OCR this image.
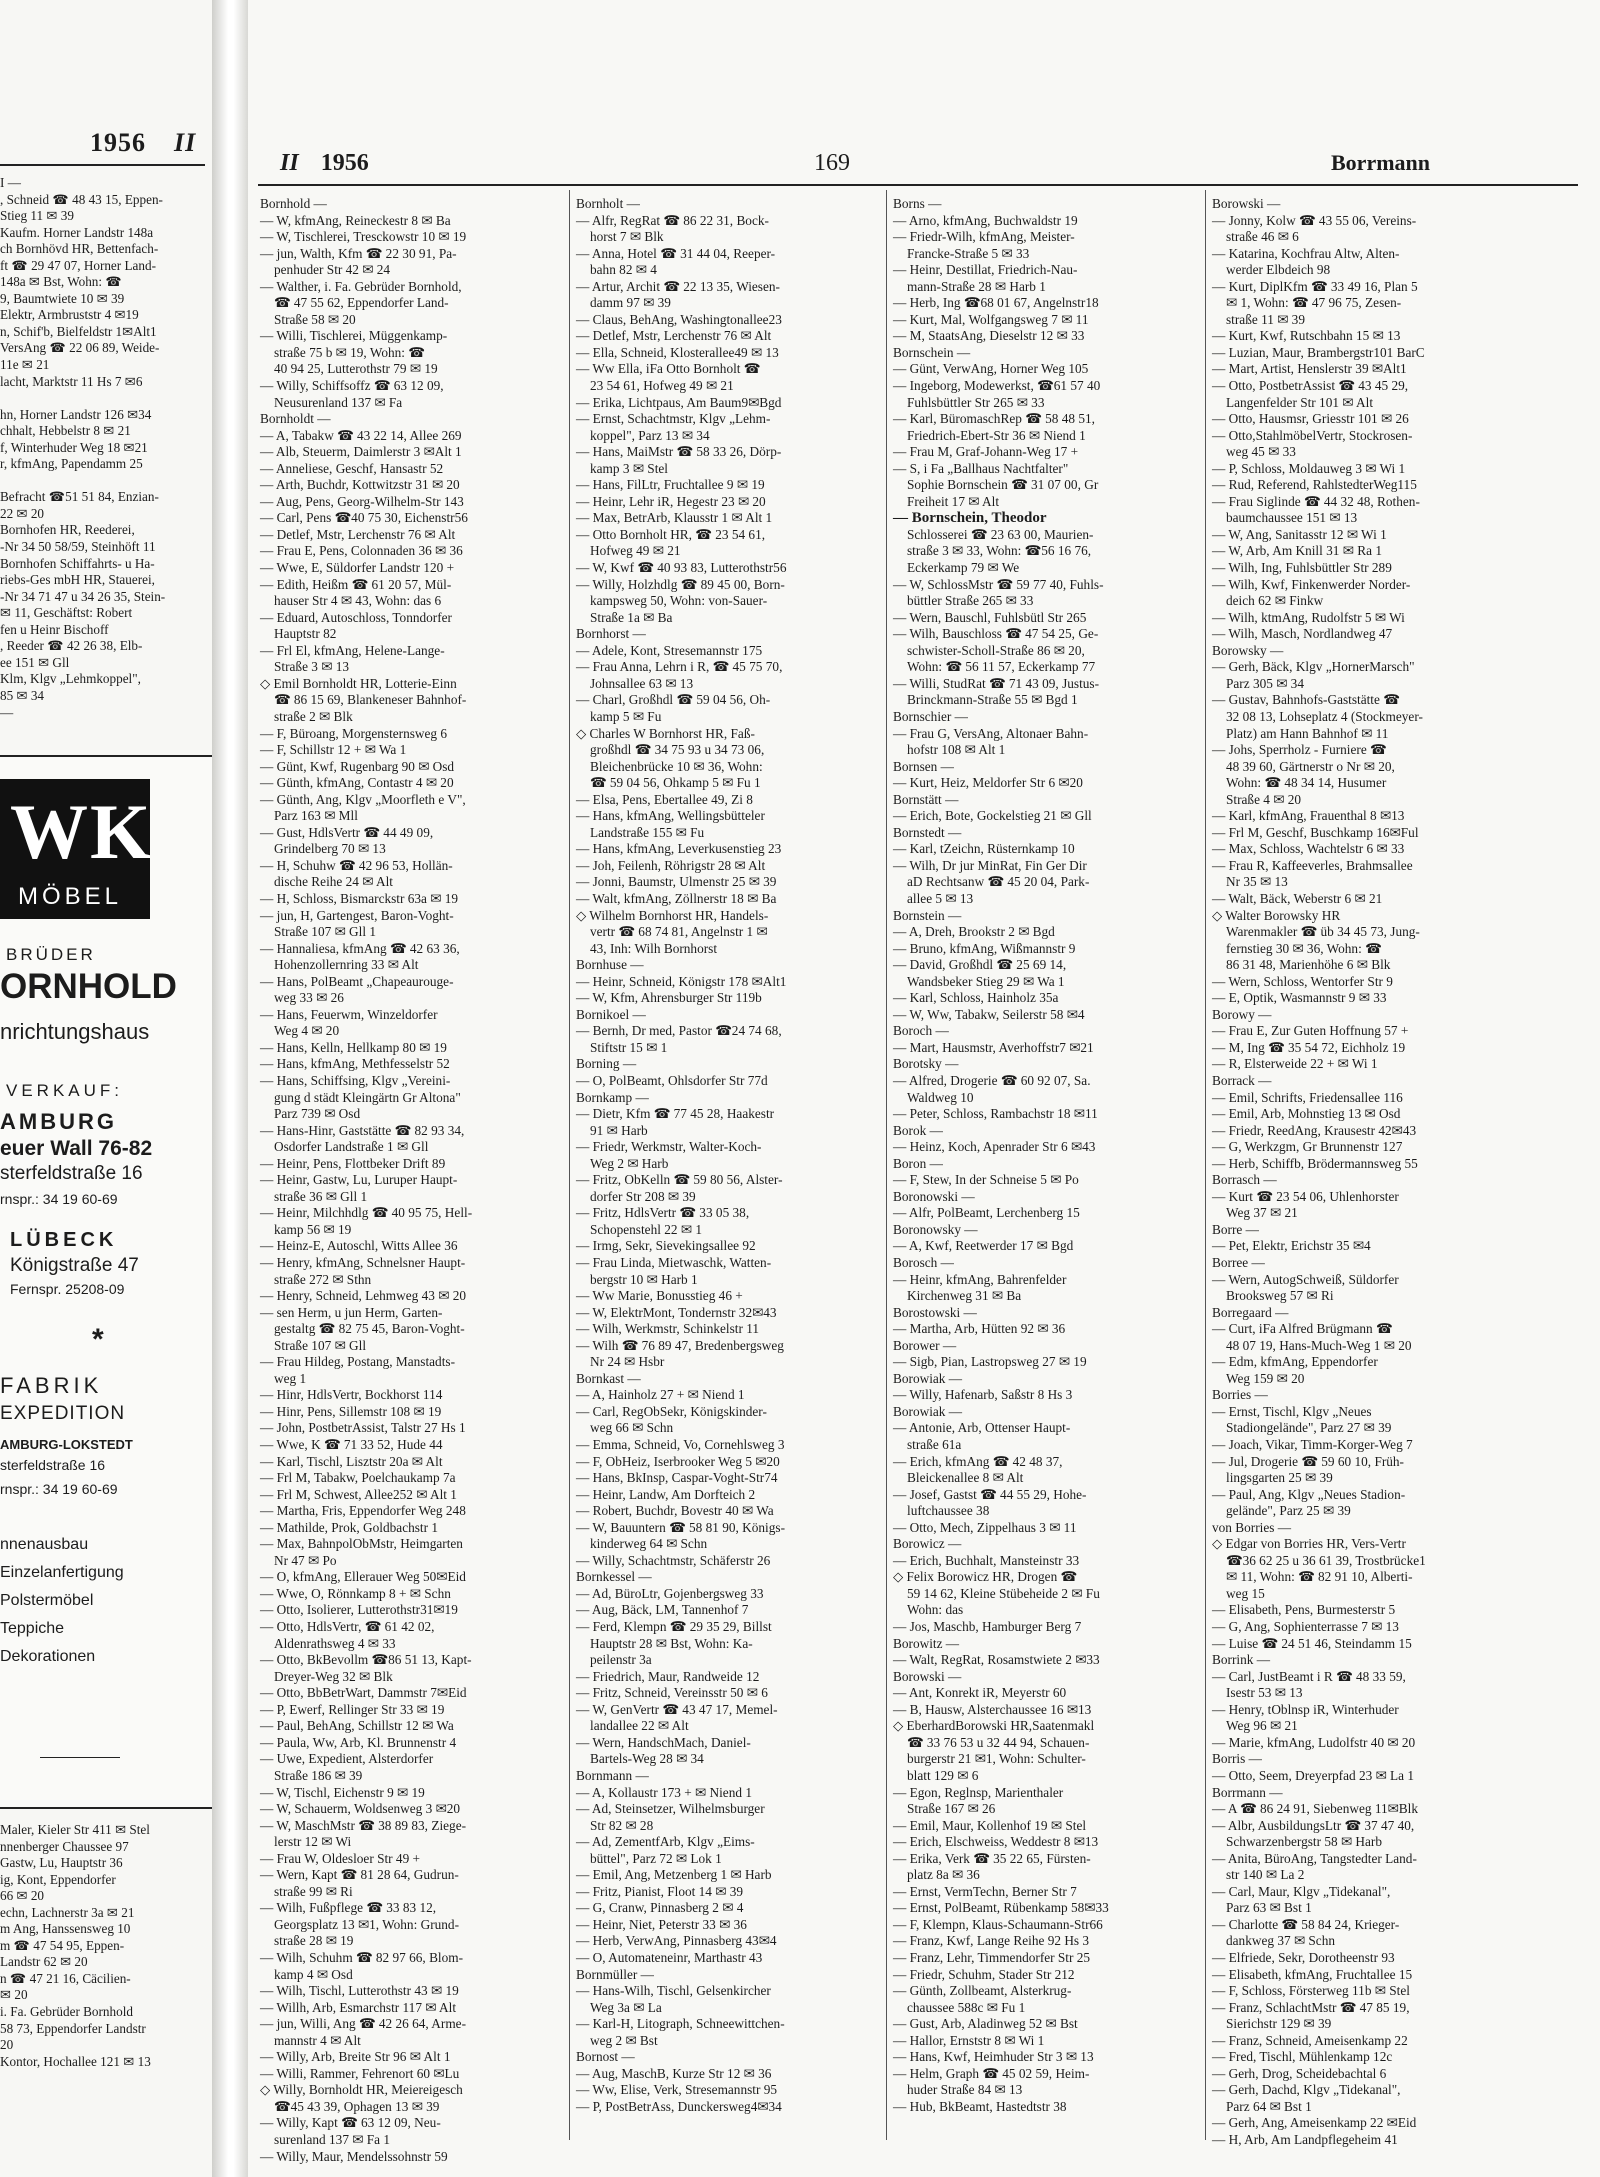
1956 II
I —
, Schneid ☎ 48 43 15, Eppen-
Stieg 11 ✉ 39
Kaufm. Horner Landstr 148a
ch Bornhövd HR, Bettenfach-
ft ☎ 29 47 07, Horner Land-
148a ✉ Bst, Wohn: ☎
9, Baumtwiete 10 ✉ 39
Elektr, Armbruststr 4 ✉19
n, Schif'b, Bielfeldstr 1✉Alt1
VersAng ☎ 22 06 89, Weide-
11e ✉ 21
lacht, Marktstr 11 Hs 7 ✉6
hn, Horner Landstr 126 ✉34
chhalt, Hebbelstr 8 ✉ 21
f, Winterhuder Weg 18 ✉21
r, kfmAng, Papendamm 25
Befracht ☎51 51 84, Enzian-
22 ✉ 20
Bornhofen HR, Reederei,
-Nr 34 50 58/59, Steinhöft 11
Bornhofen Schiffahrts- u Ha-
riebs-Ges mbH HR, Stauerei,
-Nr 34 71 47 u 34 26 35, Stein-
✉ 11, Geschäftst: Robert
fen u Heinr Bischoff
, Reeder ☎ 42 26 38, Elb-
ee 151 ✉ Gll
Klm, Klgv „Lehmkoppel",
85 ✉ 34
—
WK
MÖBEL
BRÜDER
ORNHOLD
nrichtungshaus
VERKAUF:
AMBURG
euer Wall 76-82
sterfeldstraße 16
rnspr.: 34 19 60-69
LÜBECK
Königstraße 47
Fernspr. 25208-09
*
FABRIK
EXPEDITION
AMBURG-LOKSTEDT
sterfeldstraße 16
rnspr.: 34 19 60-69
nnenausbau
Einzelanfertigung
Polstermöbel
Teppiche
Dekorationen
Maler, Kieler Str 411 ✉ Stel
nnenberger Chaussee 97
Gastw, Lu, Hauptstr 36
ig, Kont, Eppendorfer
66 ✉ 20
echn, Lachnerstr 3a ✉ 21
m Ang, Hanssensweg 10
m ☎ 47 54 95, Eppen-
Landstr 62 ✉ 20
n ☎ 47 21 16, Cäcilien-
✉ 20
i. Fa. Gebrüder Bornhold
58 73, Eppendorfer Landstr
20
Kontor, Hochallee 121 ✉ 13
II 1956	169	Borrmann
Bornhold —
— W, kfmAng, Reineckestr 8 ✉ Ba
— W, Tischlerei, Tresckowstr 10 ✉ 19
— jun, Walth, Kfm ☎ 22 30 91, Pa-
penhuder Str 42 ✉ 24
— Walther, i. Fa. Gebrüder Bornhold,
☎ 47 55 62, Eppendorfer Land-
Straße 58 ✉ 20
— Willi, Tischlerei, Müggenkamp-
straße 75 b ✉ 19, Wohn: ☎
40 94 25, Lutterothstr 79 ✉ 19
— Willy, Schiffsoffz ☎ 63 12 09,
Neusurenland 137 ✉ Fa
Bornholdt —
— A, Tabakw ☎ 43 22 14, Allee 269
— Alb, Steuerm, Daimlerstr 3 ✉Alt 1
— Anneliese, Geschf, Hansastr 52
— Arth, Buchdr, Kottwitzstr 31 ✉ 20
— Aug, Pens, Georg-Wilhelm-Str 143
— Carl, Pens ☎40 75 30, Eichenstr56
— Detlef, Mstr, Lerchenstr 76 ✉ Alt
— Frau E, Pens, Colonnaden 36 ✉ 36
— Wwe, E, Süldorfer Landstr 120 +
— Edith, Heißm ☎ 61 20 57, Mül-
hauser Str 4 ✉ 43, Wohn: das 6
— Eduard, Autoschloss, Tonndorfer
Hauptstr 82
— Frl El, kfmAng, Helene-Lange-
Straße 3 ✉ 13
◇ Emil Bornholdt HR, Lotterie-Einn
☎ 86 15 69, Blankeneser Bahnhof-
straße 2 ✉ Blk
— F, Büroang, Morgensternsweg 6
— F, Schillstr 12 + ✉ Wa 1
— Günt, Kwf, Rugenbarg 90 ✉ Osd
— Günth, kfmAng, Contastr 4 ✉ 20
— Günth, Ang, Klgv „Moorfleth e V",
Parz 163 ✉ Mll
— Gust, HdlsVertr ☎ 44 49 09,
Grindelberg 70 ✉ 13
— H, Schuhw ☎ 42 96 53, Hollän-
dische Reihe 24 ✉ Alt
— H, Schloss, Bismarckstr 63a ✉ 19
— jun, H, Gartengest, Baron-Voght-
Straße 107 ✉ Gll 1
— Hannaliesa, kfmAng ☎ 42 63 36,
Hohenzollernring 33 ✉ Alt
— Hans, PolBeamt „Chapeaurouge-
weg 33 ✉ 26
— Hans, Feuerwm, Winzeldorfer
Weg 4 ✉ 20
— Hans, Kelln, Hellkamp 80 ✉ 19
— Hans, kfmAng, Methfesselstr 52
— Hans, Schiffsing, Klgv „Vereini-
gung d städt Kleingärtn Gr Altona"
Parz 739 ✉ Osd
— Hans-Hinr, Gaststätte ☎ 82 93 34,
Osdorfer Landstraße 1 ✉ Gll
— Heinr, Pens, Flottbeker Drift 89
— Heinr, Gastw, Lu, Luruper Haupt-
straße 36 ✉ Gll 1
— Heinr, Milchhdlg ☎ 40 95 75, Hell-
kamp 56 ✉ 19
— Heinz-E, Autoschl, Witts Allee 36
— Henry, kfmAng, Schnelsner Haupt-
straße 272 ✉ Sthn
— Henry, Schneid, Lehmweg 43 ✉ 20
— sen Herm, u jun Herm, Garten-
gestaltg ☎ 82 75 45, Baron-Voght-
Straße 107 ✉ Gll
— Frau Hildeg, Postang, Manstadts-
weg 1
— Hinr, HdlsVertr, Bockhorst 114
— Hinr, Pens, Sillemstr 108 ✉ 19
— John, PostbetrAssist, Talstr 27 Hs 1
— Wwe, K ☎ 71 33 52, Hude 44
— Karl, Tischl, Lisztstr 20a ✉ Alt
— Frl M, Tabakw, Poelchaukamp 7a
— Frl M, Schwest, Allee252 ✉ Alt 1
— Martha, Fris, Eppendorfer Weg 248
— Mathilde, Prok, Goldbachstr 1
— Max, BahnpolObMstr, Heimgarten
Nr 47 ✉ Po
— O, kfmAng, Ellerauer Weg 50✉Eid
— Wwe, O, Rönnkamp 8 + ✉ Schn
— Otto, Isolierer, Lutterothstr31✉19
— Otto, HdlsVertr, ☎ 61 42 02,
Aldenrathsweg 4 ✉ 33
— Otto, BkBevollm ☎86 51 13, Kapt-
Dreyer-Weg 32 ✉ Blk
— Otto, BbBetrWart, Dammstr 7✉Eid
— P, Ewerf, Rellinger Str 33 ✉ 19
— Paul, BehAng, Schillstr 12 ✉ Wa
— Paula, Ww, Arb, Kl. Brunnenstr 4
— Uwe, Expedient, Alsterdorfer
Straße 186 ✉ 39
— W, Tischl, Eichenstr 9 ✉ 19
— W, Schauerm, Woldsenweg 3 ✉20
— W, MaschMstr ☎ 38 89 83, Ziege-
lerstr 12 ✉ Wi
— Frau W, Oldesloer Str 49 +
— Wern, Kapt ☎ 81 28 64, Gudrun-
straße 99 ✉ Ri
— Wilh, Fußpflege ☎ 33 83 12,
Georgsplatz 13 ✉1, Wohn: Grund-
straße 28 ✉ 19
— Wilh, Schuhm ☎ 82 97 66, Blom-
kamp 4 ✉ Osd
— Wilh, Tischl, Lutterothstr 43 ✉ 19
— Willh, Arb, Esmarchstr 117 ✉ Alt
— jun, Willi, Ang ☎ 42 26 64, Arme-
mannstr 4 ✉ Alt
— Willy, Arb, Breite Str 96 ✉ Alt 1
— Willi, Rammer, Fehrenort 60 ✉Lu
◇ Willy, Bornholdt HR, Meiereigesch
☎45 43 39, Ophagen 13 ✉ 39
— Willy, Kapt ☎ 63 12 09, Neu-
surenland 137 ✉ Fa 1
— Willy, Maur, Mendelssohnstr 59
Bornholt —
— Alfr, RegRat ☎ 86 22 31, Bock-
horst 7 ✉ Blk
— Anna, Hotel ☎ 31 44 04, Reeper-
bahn 82 ✉ 4
— Artur, Archit ☎ 22 13 35, Wiesen-
damm 97 ✉ 39
— Claus, BehAng, Washingtonallee23
— Detlef, Mstr, Lerchenstr 76 ✉ Alt
— Ella, Schneid, Klosterallee49 ✉ 13
— Ww Ella, iFa Otto Bornholt ☎
23 54 61, Hofweg 49 ✉ 21
— Erika, Lichtpaus, Am Baum9✉Bgd
— Ernst, Schachtmstr, Klgv „Lehm-
koppel", Parz 13 ✉ 34
— Hans, MaiMstr ☎ 58 33 26, Dörp-
kamp 3 ✉ Stel
— Hans, FilLtr, Fruchtallee 9 ✉ 19
— Heinr, Lehr iR, Hegestr 23 ✉ 20
— Max, BetrArb, Klausstr 1 ✉ Alt 1
— Otto Bornholt HR, ☎ 23 54 61,
Hofweg 49 ✉ 21
— W, Kwf ☎ 40 93 83, Lutterothstr56
— Willy, Holzhdlg ☎ 89 45 00, Born-
kampsweg 50, Wohn: von-Sauer-
Straße 1a ✉ Ba
Bornhorst —
— Adele, Kont, Stresemannstr 175
— Frau Anna, Lehrn i R, ☎ 45 75 70,
Johnsallee 63 ✉ 13
— Charl, Großhdl ☎ 59 04 56, Oh-
kamp 5 ✉ Fu
◇ Charles W Bornhorst HR, Faß-
großhdl ☎ 34 75 93 u 34 73 06,
Bleichenbrücke 10 ✉ 36, Wohn:
☎ 59 04 56, Ohkamp 5 ✉ Fu 1
— Elsa, Pens, Ebertallee 49, Zi 8
— Hans, kfmAng, Wellingsbütteler
Landstraße 155 ✉ Fu
— Hans, kfmAng, Leverkusenstieg 23
— Joh, Feilenh, Röhrigstr 28 ✉ Alt
— Jonni, Baumstr, Ulmenstr 25 ✉ 39
— Walt, kfmAng, Zöllnerstr 18 ✉ Ba
◇ Wilhelm Bornhorst HR, Handels-
vertr ☎ 68 74 81, Angelnstr 1 ✉
43, Inh: Wilh Bornhorst
Bornhuse —
— Heinr, Schneid, Königstr 178 ✉Alt1
— W, Kfm, Ahrensburger Str 119b
Bornikoel —
— Bernh, Dr med, Pastor ☎24 74 68,
Stiftstr 15 ✉ 1
Borning —
— O, PolBeamt, Ohlsdorfer Str 77d
Bornkamp —
— Dietr, Kfm ☎ 77 45 28, Haakestr
91 ✉ Harb
— Friedr, Werkmstr, Walter-Koch-
Weg 2 ✉ Harb
— Fritz, ObKelln ☎ 59 80 56, Alster-
dorfer Str 208 ✉ 39
— Fritz, HdlsVertr ☎ 33 05 38,
Schopenstehl 22 ✉ 1
— Irmg, Sekr, Sievekingsallee 92
— Frau Linda, Mietwaschk, Watten-
bergstr 10 ✉ Harb 1
— Ww Marie, Bonusstieg 46 +
— W, ElektrMont, Tondernstr 32✉43
— Wilh, Werkmstr, Schinkelstr 11
— Wilh ☎ 76 89 47, Bredenbergsweg
Nr 24 ✉ Hsbr
Bornkast —
— A, Hainholz 27 + ✉ Niend 1
— Carl, RegObSekr, Königskinder-
weg 66 ✉ Schn
— Emma, Schneid, Vo, Cornehlsweg 3
— F, ObHeiz, Iserbrooker Weg 5 ✉20
— Hans, BkInsp, Caspar-Voght-Str74
— Heinr, Landw, Am Dorfteich 2
— Robert, Buchdr, Bovestr 40 ✉ Wa
— W, Bauuntern ☎ 58 81 90, Königs-
kinderweg 64 ✉ Schn
— Willy, Schachtmstr, Schäferstr 26
Bornkessel —
— Ad, BüroLtr, Gojenbergsweg 33
— Aug, Bäck, LM, Tannenhof 7
— Ferd, Klempn ☎ 29 35 29, Billst
Hauptstr 28 ✉ Bst, Wohn: Ka-
peilenstr 3a
— Friedrich, Maur, Randweide 12
— Fritz, Schneid, Vereinsstr 50 ✉ 6
— W, GenVertr ☎ 43 47 17, Memel-
landallee 22 ✉ Alt
— Wern, HandschMach, Daniel-
Bartels-Weg 28 ✉ 34
Bornmann —
— A, Kollaustr 173 + ✉ Niend 1
— Ad, Steinsetzer, Wilhelmsburger
Str 82 ✉ 28
— Ad, ZementfArb, Klgv „Eims-
büttel", Parz 72 ✉ Lok 1
— Emil, Ang, Metzenberg 1 ✉ Harb
— Fritz, Pianist, Floot 14 ✉ 39
— G, Cranw, Pinnasberg 2 ✉ 4
— Heinr, Niet, Peterstr 33 ✉ 36
— Herb, VerwAng, Pinnasberg 43✉4
— O, Automateneinr, Marthastr 43
Bornmüller —
— Hans-Wilh, Tischl, Gelsenkircher
Weg 3a ✉ La
— Karl-H, Litograph, Schneewittchen-
weg 2 ✉ Bst
Bornost —
— Aug, MaschB, Kurze Str 12 ✉ 36
— Ww, Elise, Verk, Stresemannstr 95
— P, PostBetrAss, Dunckersweg4✉34
Borns —
— Arno, kfmAng, Buchwaldstr 19
— Friedr-Wilh, kfmAng, Meister-
Francke-Straße 5 ✉ 33
— Heinr, Destillat, Friedrich-Nau-
mann-Straße 28 ✉ Harb 1
— Herb, Ing ☎68 01 67, Angelnstr18
— Kurt, Mal, Wolfgangsweg 7 ✉ 11
— M, StaatsAng, Dieselstr 12 ✉ 33
Bornschein —
— Günt, VerwAng, Horner Weg 105
— Ingeborg, Modewerkst, ☎61 57 40
Fuhlsbüttler Str 265 ✉ 33
— Karl, BüromaschRep ☎ 58 48 51,
Friedrich-Ebert-Str 36 ✉ Niend 1
— Frau M, Graf-Johann-Weg 17 +
— S, i Fa „Ballhaus Nachtfalter"
Sophie Bornschein ☎ 31 07 00, Gr
Freiheit 17 ✉ Alt
— Bornschein, Theodor
Schlosserei ☎ 23 63 00, Maurien-
straße 3 ✉ 33, Wohn: ☎56 16 76,
Eckerkamp 79 ✉ We
— W, SchlossMstr ☎ 59 77 40, Fuhls-
büttler Straße 265 ✉ 33
— Wern, Bauschl, Fuhlsbütl Str 265
— Wilh, Bauschloss ☎ 47 54 25, Ge-
schwister-Scholl-Straße 86 ✉ 20,
Wohn: ☎ 56 11 57, Eckerkamp 77
— Willi, StudRat ☎ 71 43 09, Justus-
Brinckmann-Straße 55 ✉ Bgd 1
Bornschier —
— Frau G, VersAng, Altonaer Bahn-
hofstr 108 ✉ Alt 1
Bornsen —
— Kurt, Heiz, Meldorfer Str 6 ✉20
Bornstätt —
— Erich, Bote, Gockelstieg 21 ✉ Gll
Bornstedt —
— Karl, tZeichn, Rüsternkamp 10
— Wilh, Dr jur MinRat, Fin Ger Dir
aD Rechtsanw ☎ 45 20 04, Park-
allee 5 ✉ 13
Bornstein —
— A, Dreh, Brookstr 2 ✉ Bgd
— Bruno, kfmAng, Wißmannstr 9
— David, Großhdl ☎ 25 69 14,
Wandsbeker Stieg 29 ✉ Wa 1
— Karl, Schloss, Hainholz 35a
— W, Ww, Tabakw, Seilerstr 58 ✉4
Boroch —
— Mart, Hausmstr, Averhoffstr7 ✉21
Borotsky —
— Alfred, Drogerie ☎ 60 92 07, Sa.
Waldweg 10
— Peter, Schloss, Rambachstr 18 ✉11
Borok —
— Heinz, Koch, Apenrader Str 6 ✉43
Boron —
— F, Stew, In der Schneise 5 ✉ Po
Boronowski —
— Alfr, PolBeamt, Lerchenberg 15
Boronowsky —
— A, Kwf, Reetwerder 17 ✉ Bgd
Borosch —
— Heinr, kfmAng, Bahrenfelder
Kirchenweg 31 ✉ Ba
Borostowski —
— Martha, Arb, Hütten 92 ✉ 36
Borower —
— Sigb, Pian, Lastropsweg 27 ✉ 19
Borowiak —
— Willy, Hafenarb, Saßstr 8 Hs 3
Borowiak —
— Antonie, Arb, Ottenser Haupt-
straße 61a
— Erich, kfmAng ☎ 42 48 37,
Bleickenallee 8 ✉ Alt
— Josef, Gastst ☎ 44 55 29, Hohe-
luftchaussee 38
— Otto, Mech, Zippelhaus 3 ✉ 11
Borowicz —
— Erich, Buchhalt, Mansteinstr 33
◇ Felix Borowicz HR, Drogen ☎
59 14 62, Kleine Stübeheide 2 ✉ Fu
Wohn: das
— Jos, Maschb, Hamburger Berg 7
Borowitz —
— Walt, RegRat, Rosamstwiete 2 ✉33
Borowski —
— Ant, Konrekt iR, Meyerstr 60
— B, Hausw, Alsterchaussee 16 ✉13
◇ EberhardBorowski HR,Saatenmakl
☎ 33 76 53 u 32 44 94, Schauen-
burgerstr 21 ✉1, Wohn: Schulter-
blatt 129 ✉ 6
— Egon, Reglnsp, Marienthaler
Straße 167 ✉ 26
— Emil, Maur, Kollenhof 19 ✉ Stel
— Erich, Elschweiss, Weddestr 8 ✉13
— Erika, Verk ☎ 35 22 65, Fürsten-
platz 8a ✉ 36
— Ernst, VermTechn, Berner Str 7
— Ernst, PolBeamt, Rübenkamp 58✉33
— F, Klempn, Klaus-Schaumann-Str66
— Franz, Kwf, Lange Reihe 92 Hs 3
— Franz, Lehr, Timmendorfer Str 25
— Friedr, Schuhm, Stader Str 212
— Günth, Zollbeamt, Alsterkrug-
chaussee 588c ✉ Fu 1
— Gust, Arb, Aladinweg 52 ✉ Bst
— Hallor, Ernststr 8 ✉ Wi 1
— Hans, Kwf, Heimhuder Str 3 ✉ 13
— Helm, Graph ☎ 45 02 59, Heim-
huder Straße 84 ✉ 13
— Hub, BkBeamt, Hastedtstr 38
Borowski —
— Jonny, Kolw ☎ 43 55 06, Vereins-
straße 46 ✉ 6
— Katarina, Kochfrau Altw, Alten-
werder Elbdeich 98
— Kurt, DiplKfm ☎ 33 49 16, Plan 5
✉ 1, Wohn: ☎ 47 96 75, Zesen-
straße 11 ✉ 39
— Kurt, Kwf, Rutschbahn 15 ✉ 13
— Luzian, Maur, Brambergstr101 BarC
— Mart, Artist, Henslerstr 39 ✉Alt1
— Otto, PostbetrAssist ☎ 43 45 29,
Langenfelder Str 101 ✉ Alt
— Otto, Hausmsr, Griesstr 101 ✉ 26
— Otto,StahlmöbelVertr, Stockrosen-
weg 45 ✉ 33
— P, Schloss, Moldauweg 3 ✉ Wi 1
— Rud, Referend, RahlstedterWeg115
— Frau Siglinde ☎ 44 32 48, Rothen-
baumchaussee 151 ✉ 13
— W, Ang, Sanitasstr 12 ✉ Wi 1
— W, Arb, Am Knill 31 ✉ Ra 1
— Wilh, Ing, Fuhlsbüttler Str 289
— Wilh, Kwf, Finkenwerder Norder-
deich 62 ✉ Finkw
— Wilh, ktmAng, Rudolfstr 5 ✉ Wi
— Wilh, Masch, Nordlandweg 47
Borowsky —
— Gerh, Bäck, Klgv „HornerMarsch"
Parz 305 ✉ 34
— Gustav, Bahnhofs-Gaststätte ☎
32 08 13, Lohseplatz 4 (Stockmeyer-
Platz) am Hann Bahnhof ✉ 11
— Johs, Sperrholz - Furniere ☎
48 39 60, Gärtnerstr o Nr ✉ 20,
Wohn: ☎ 48 34 14, Husumer
Straße 4 ✉ 20
— Karl, kfmAng, Frauenthal 8 ✉13
— Frl M, Geschf, Buschkamp 16✉Ful
— Max, Schloss, Wachtelstr 6 ✉ 33
— Frau R, Kaffeeverles, Brahmsallee
Nr 35 ✉ 13
— Walt, Bäck, Weberstr 6 ✉ 21
◇ Walter Borowsky HR
Warenmakler ☎ üb 34 45 73, Jung-
fernstieg 30 ✉ 36, Wohn: ☎
86 31 48, Marienhöhe 6 ✉ Blk
— Wern, Schloss, Wentorfer Str 9
— E, Optik, Wasmannstr 9 ✉ 33
Borowy —
— Frau E, Zur Guten Hoffnung 57 +
— M, Ing ☎ 35 54 72, Eichholz 19
— R, Elsterweide 22 + ✉ Wi 1
Borrack —
— Emil, Schrifts, Friedensallee 116
— Emil, Arb, Mohnstieg 13 ✉ Osd
— Friedr, ReedAng, Krausestr 42✉43
— G, Werkzgm, Gr Brunnenstr 127
— Herb, Schiffb, Brödermannsweg 55
Borrasch —
— Kurt ☎ 23 54 06, Uhlenhorster
Weg 37 ✉ 21
Borre —
— Pet, Elektr, Erichstr 35 ✉4
Borree —
— Wern, AutogSchweiß, Süldorfer
Brooksweg 57 ✉ Ri
Borregaard —
— Curt, iFa Alfred Brügmann ☎
48 07 19, Hans-Much-Weg 1 ✉ 20
— Edm, kfmAng, Eppendorfer
Weg 159 ✉ 20
Borries —
— Ernst, Tischl, Klgv „Neues
Stadiongelände", Parz 27 ✉ 39
— Joach, Vikar, Timm-Korger-Weg 7
— Jul, Drogerie ☎ 59 60 10, Früh-
lingsgarten 25 ✉ 39
— Paul, Ang, Klgv „Neues Stadion-
gelände", Parz 25 ✉ 39
von Borries —
◇ Edgar von Borries HR, Vers-Vertr
☎36 62 25 u 36 61 39, Trostbrücke1
✉ 11, Wohn: ☎ 82 91 10, Alberti-
weg 15
— Elisabeth, Pens, Burmesterstr 5
— G, Ang, Sophienterrasse 7 ✉ 13
— Luise ☎ 24 51 46, Steindamm 15
Borrink —
— Carl, JustBeamt i R ☎ 48 33 59,
Isestr 53 ✉ 13
— Henry, tOblnsp iR, Winterhuder
Weg 96 ✉ 21
— Marie, kfmAng, Ludolfstr 40 ✉ 20
Borris —
— Otto, Seem, Dreyerpfad 23 ✉ La 1
Borrmann —
— A ☎ 86 24 91, Siebenweg 11✉Blk
— Albr, AusbildungsLtr ☎ 37 47 40,
Schwarzenbergstr 58 ✉ Harb
— Anita, BüroAng, Tangstedter Land-
str 140 ✉ La 2
— Carl, Maur, Klgv „Tidekanal",
Parz 63 ✉ Bst 1
— Charlotte ☎ 58 84 24, Krieger-
dankweg 37 ✉ Schn
— Elfriede, Sekr, Dorotheenstr 93
— Elisabeth, kfmAng, Fruchtallee 15
— F, Schloss, Försterweg 11b ✉ Stel
— Franz, SchlachtMstr ☎ 47 85 19,
Sierichstr 129 ✉ 39
— Franz, Schneid, Ameisenkamp 22
— Fred, Tischl, Mühlenkamp 12c
— Gerh, Drog, Scheidebachtal 6
— Gerh, Dachd, Klgv „Tidekanal",
Parz 64 ✉ Bst 1
— Gerh, Ang, Ameisenkamp 22 ✉Eid
— H, Arb, Am Landpflegeheim 41
